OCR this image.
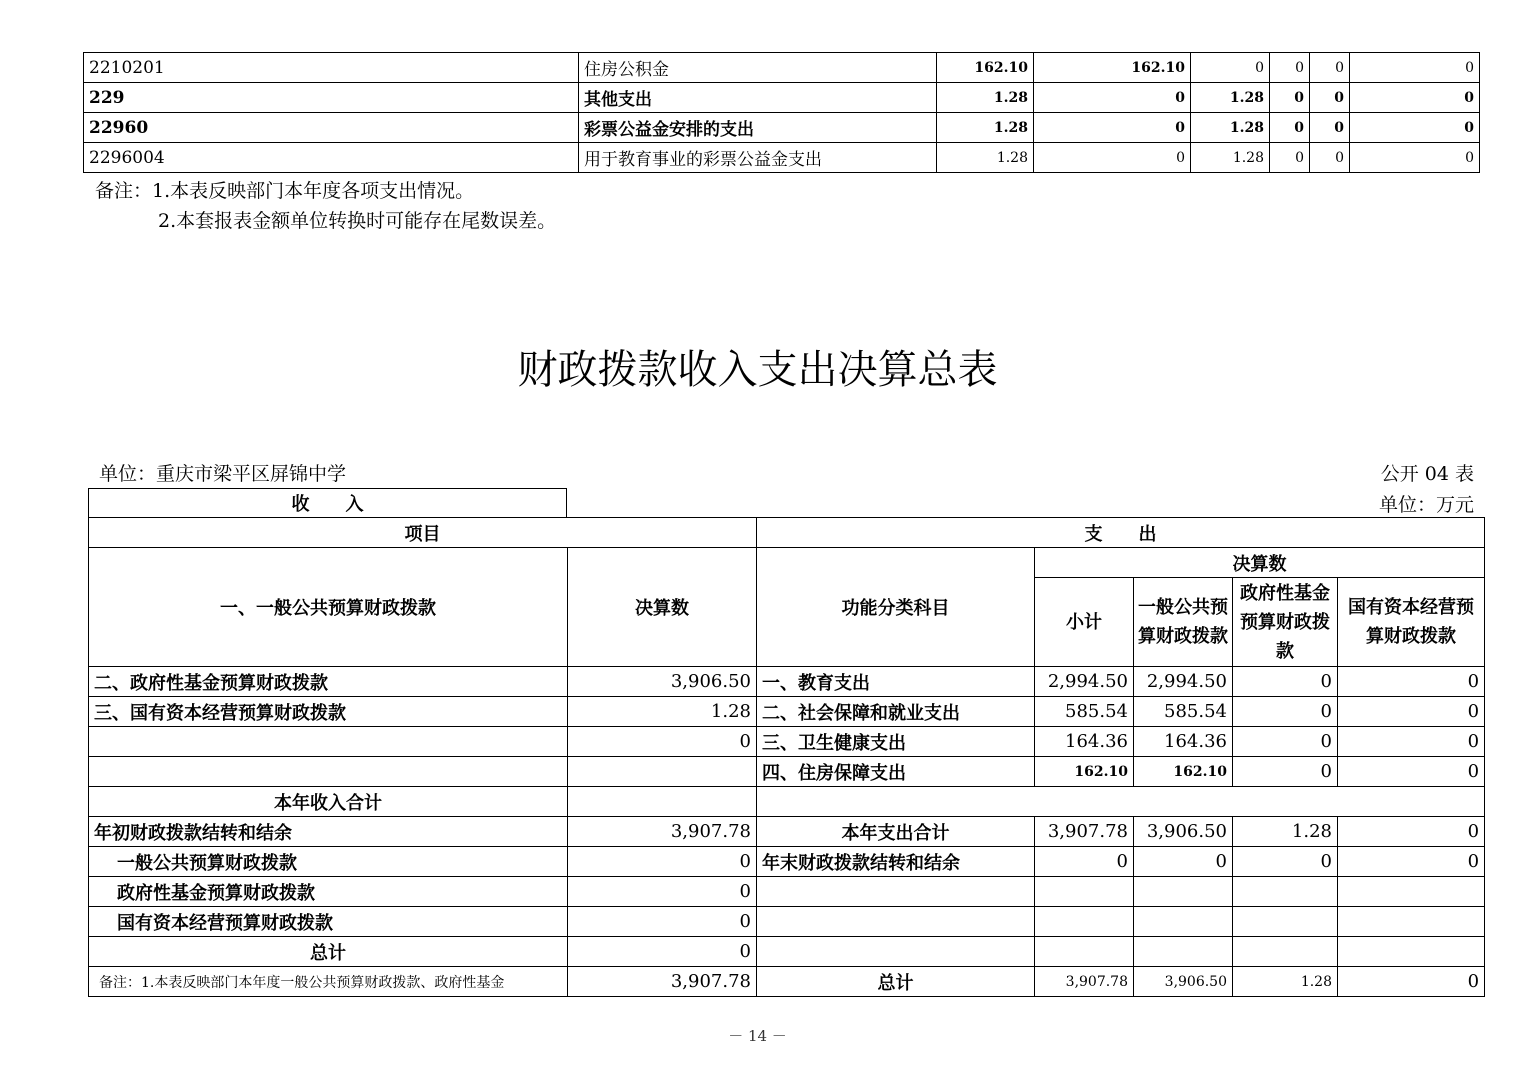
2210201	住房公积金	162.10	162.10	0	0	0	0
229	其他支出	1.28	0	1.28	0	0	0
22960	彩票公益金安排的支出	1.28	0	1.28	0	0	0
2296004	用于教育事业的彩票公益金支出	1.28	0	1.28	0	0	0
备注：1.本表反映部门本年度各项支出情况。
2.本套报表金额单位转换时可能存在尾数误差。
财政拨款收入支出决算总表
单位：重庆市梁平区屏锦中学	公开 04 表
单位：万元
收　　入
项目		支　　出				
一、一般公共预算财政拨款	决算数	功能分类科目	决算数			
			小计	一般公共预算财政拨款	政府性基金预算财政拨款	国有资本经营预算财政拨款
二、政府性基金预算财政拨款	3,906.50	一、教育支出	2,994.50	2,994.50	0	0
三、国有资本经营预算财政拨款	1.28	二、社会保障和就业支出	585.54	585.54	0	0
	0	三、卫生健康支出	164.36	164.36	0	0
		四、住房保障支出	162.10	162.10	0	0
本年收入合计						
年初财政拨款结转和结余	3,907.78	本年支出合计	3,907.78	3,906.50	1.28	0
一般公共预算财政拨款	0	年末财政拨款结转和结余	0	0	0	0
政府性基金预算财政拨款	0					
国有资本经营预算财政拨款	0					
总计	0					
备注：1.本表反映部门本年度一般公共预算财政拨款、政府性基金	3,907.78	总计	3,907.78	3,906.50	1.28	0
－ 14 －
